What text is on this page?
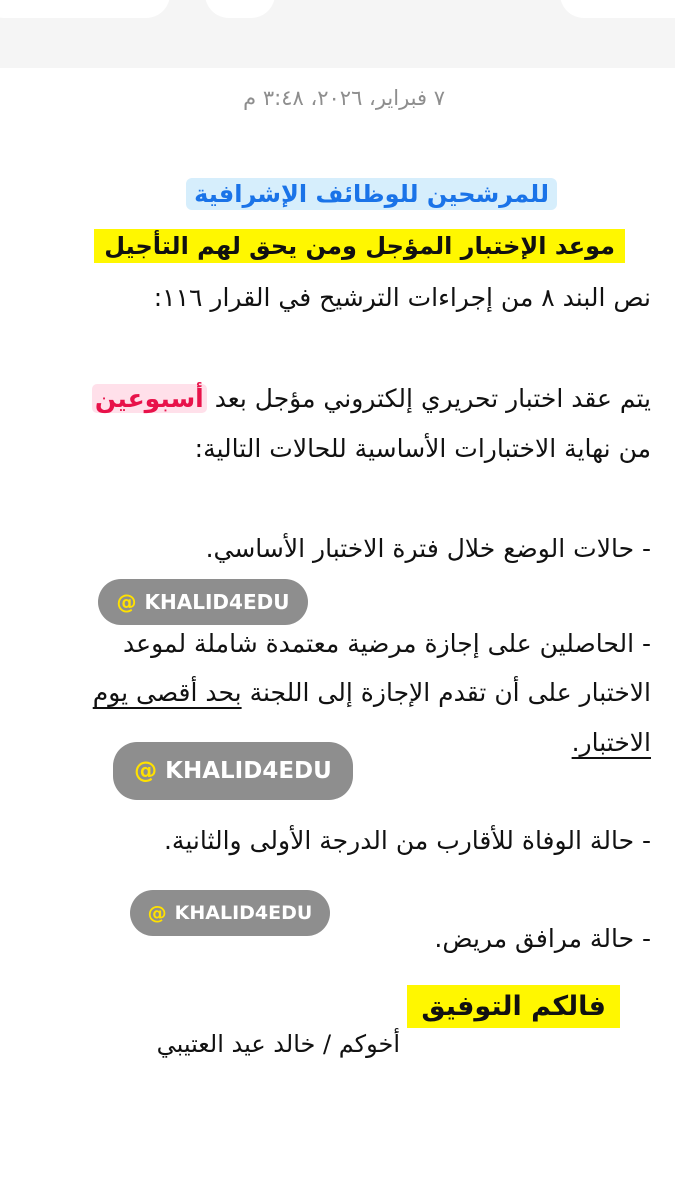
٧ فبراير، ٢٠٢٦، ٣:٤٨ م
للمرشحين للوظائف الإشرافية
موعد الإختبار المؤجل ومن يحق لهم التأجيل
نص البند ٨ من إجراءات الترشيح في القرار ١١٦:
يتم عقد اختبار تحريري إلكتروني مؤجل بعد أسبوعين
من نهاية الاختبارات الأساسية للحالات التالية:
- حالات الوضع خلال فترة الاختبار الأساسي.
@ KHALID4EDU
- الحاصلين على إجازة مرضية معتمدة شاملة لموعد
الاختبار على أن تقدم الإجازة إلى اللجنة بحد أقصى يوم
الاختبار.
@ KHALID4EDU
- حالة الوفاة للأقارب من الدرجة الأولى والثانية.
@ KHALID4EDU
- حالة مرافق مريض.
فالكم التوفيق
أخوكم / خالد عيد العتيبي
